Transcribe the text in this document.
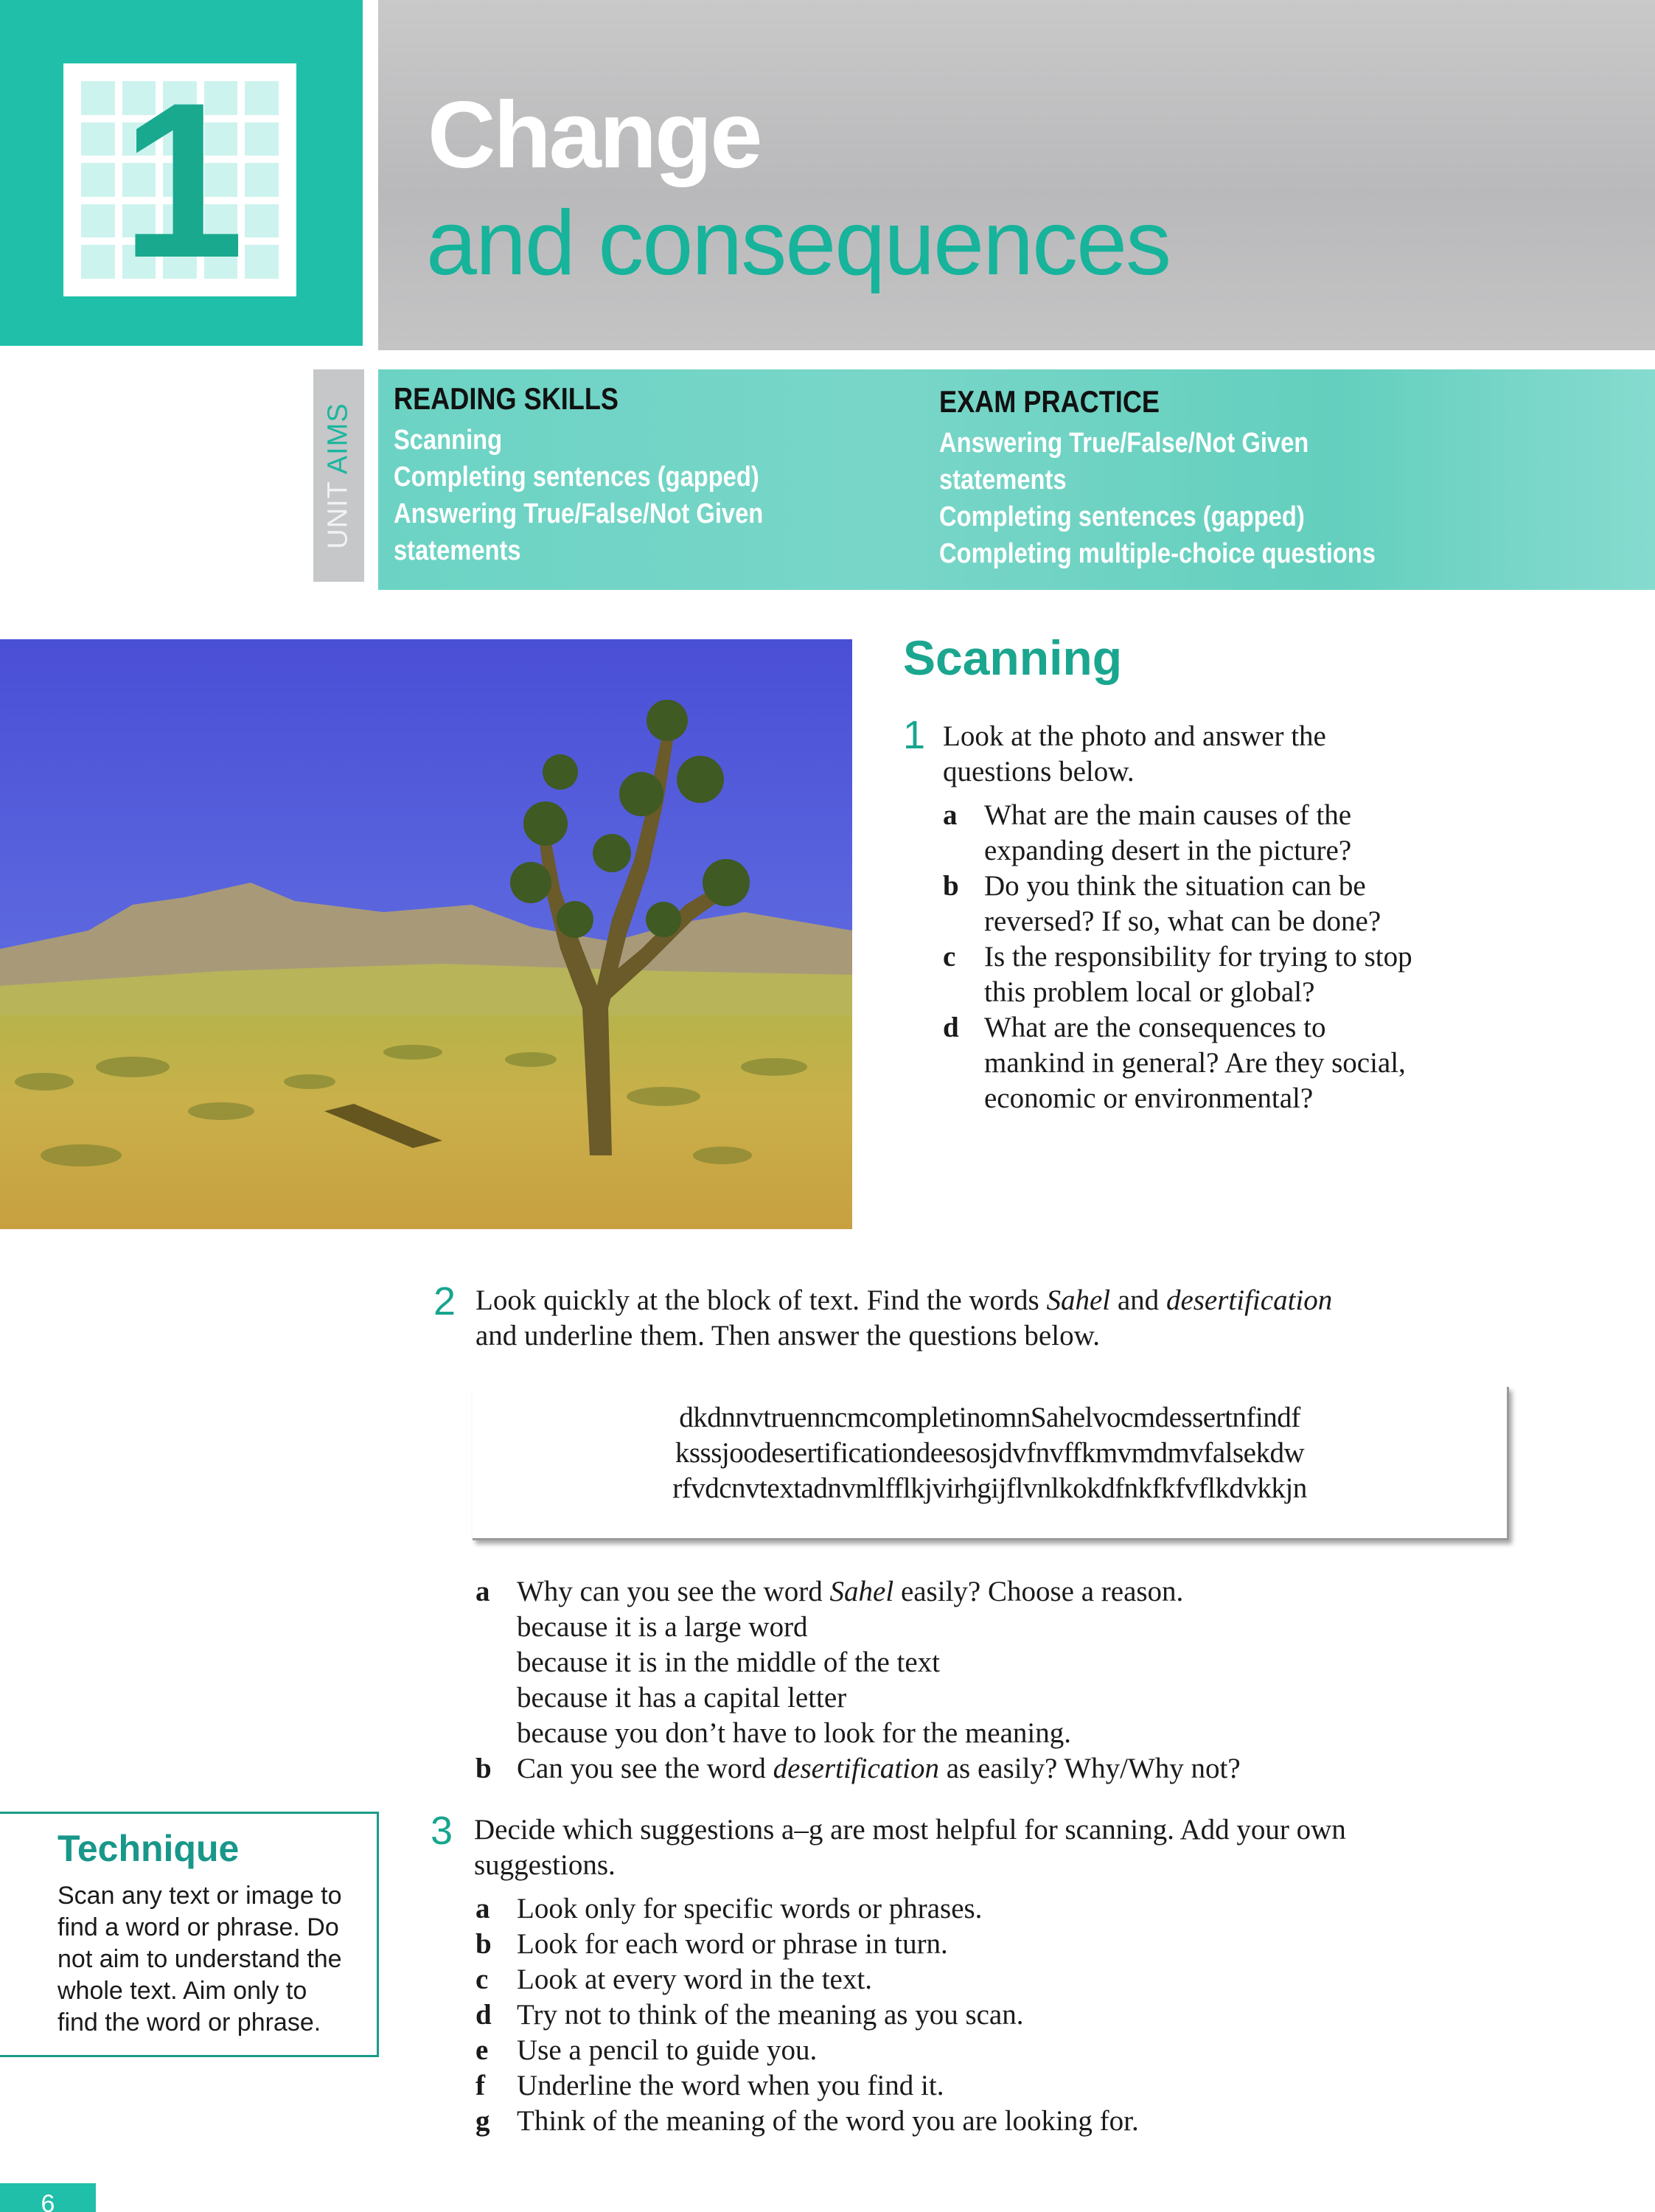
1	Change
and consequences
UNIT AIMS
READING SKILLS
Scanning
Completing sentences (gapped)
Answering True/False/Not Given
statements
EXAM PRACTICE
Answering True/False/Not Given
statements
Completing sentences (gapped)
Completing multiple-choice questions
Scanning
1 Look at the photo and answer the
questions below.
a What are the main causes of the
expanding desert in the picture?
b Do you think the situation can be
reversed? If so, what can be done?
c Is the responsibility for trying to stop
this problem local or global?
d What are the consequences to
mankind in general? Are they social,
economic or environmental?
2 Look quickly at the block of text. Find the words Sahel and desertification
and underline them. Then answer the questions below.
dkdnnvtruenncmcompletinomnSahelvocmdessertnfindf
ksssjoodesertificationdeesosjdvfnvffkmvmdmvfalsekdw
rfvdcnvtextadnvmlfflkjvirhgijflvnlkokdfnkfkfvflkdvkkjn
a Why can you see the word Sahel easily? Choose a reason.
because it is a large word
because it is in the middle of the text
because it has a capital letter
because you don’t have to look for the meaning.
b Can you see the word desertification as easily? Why/Why not?
Technique
Scan any text or image to
find a word or phrase. Do
not aim to understand the
whole text. Aim only to
find the word or phrase.
3 Decide which suggestions a–g are most helpful for scanning. Add your own
suggestions.
a Look only for specific words or phrases.
b Look for each word or phrase in turn.
c Look at every word in the text.
d Try not to think of the meaning as you scan.
e Use a pencil to guide you.
f Underline the word when you find it.
g Think of the meaning of the word you are looking for.
6
